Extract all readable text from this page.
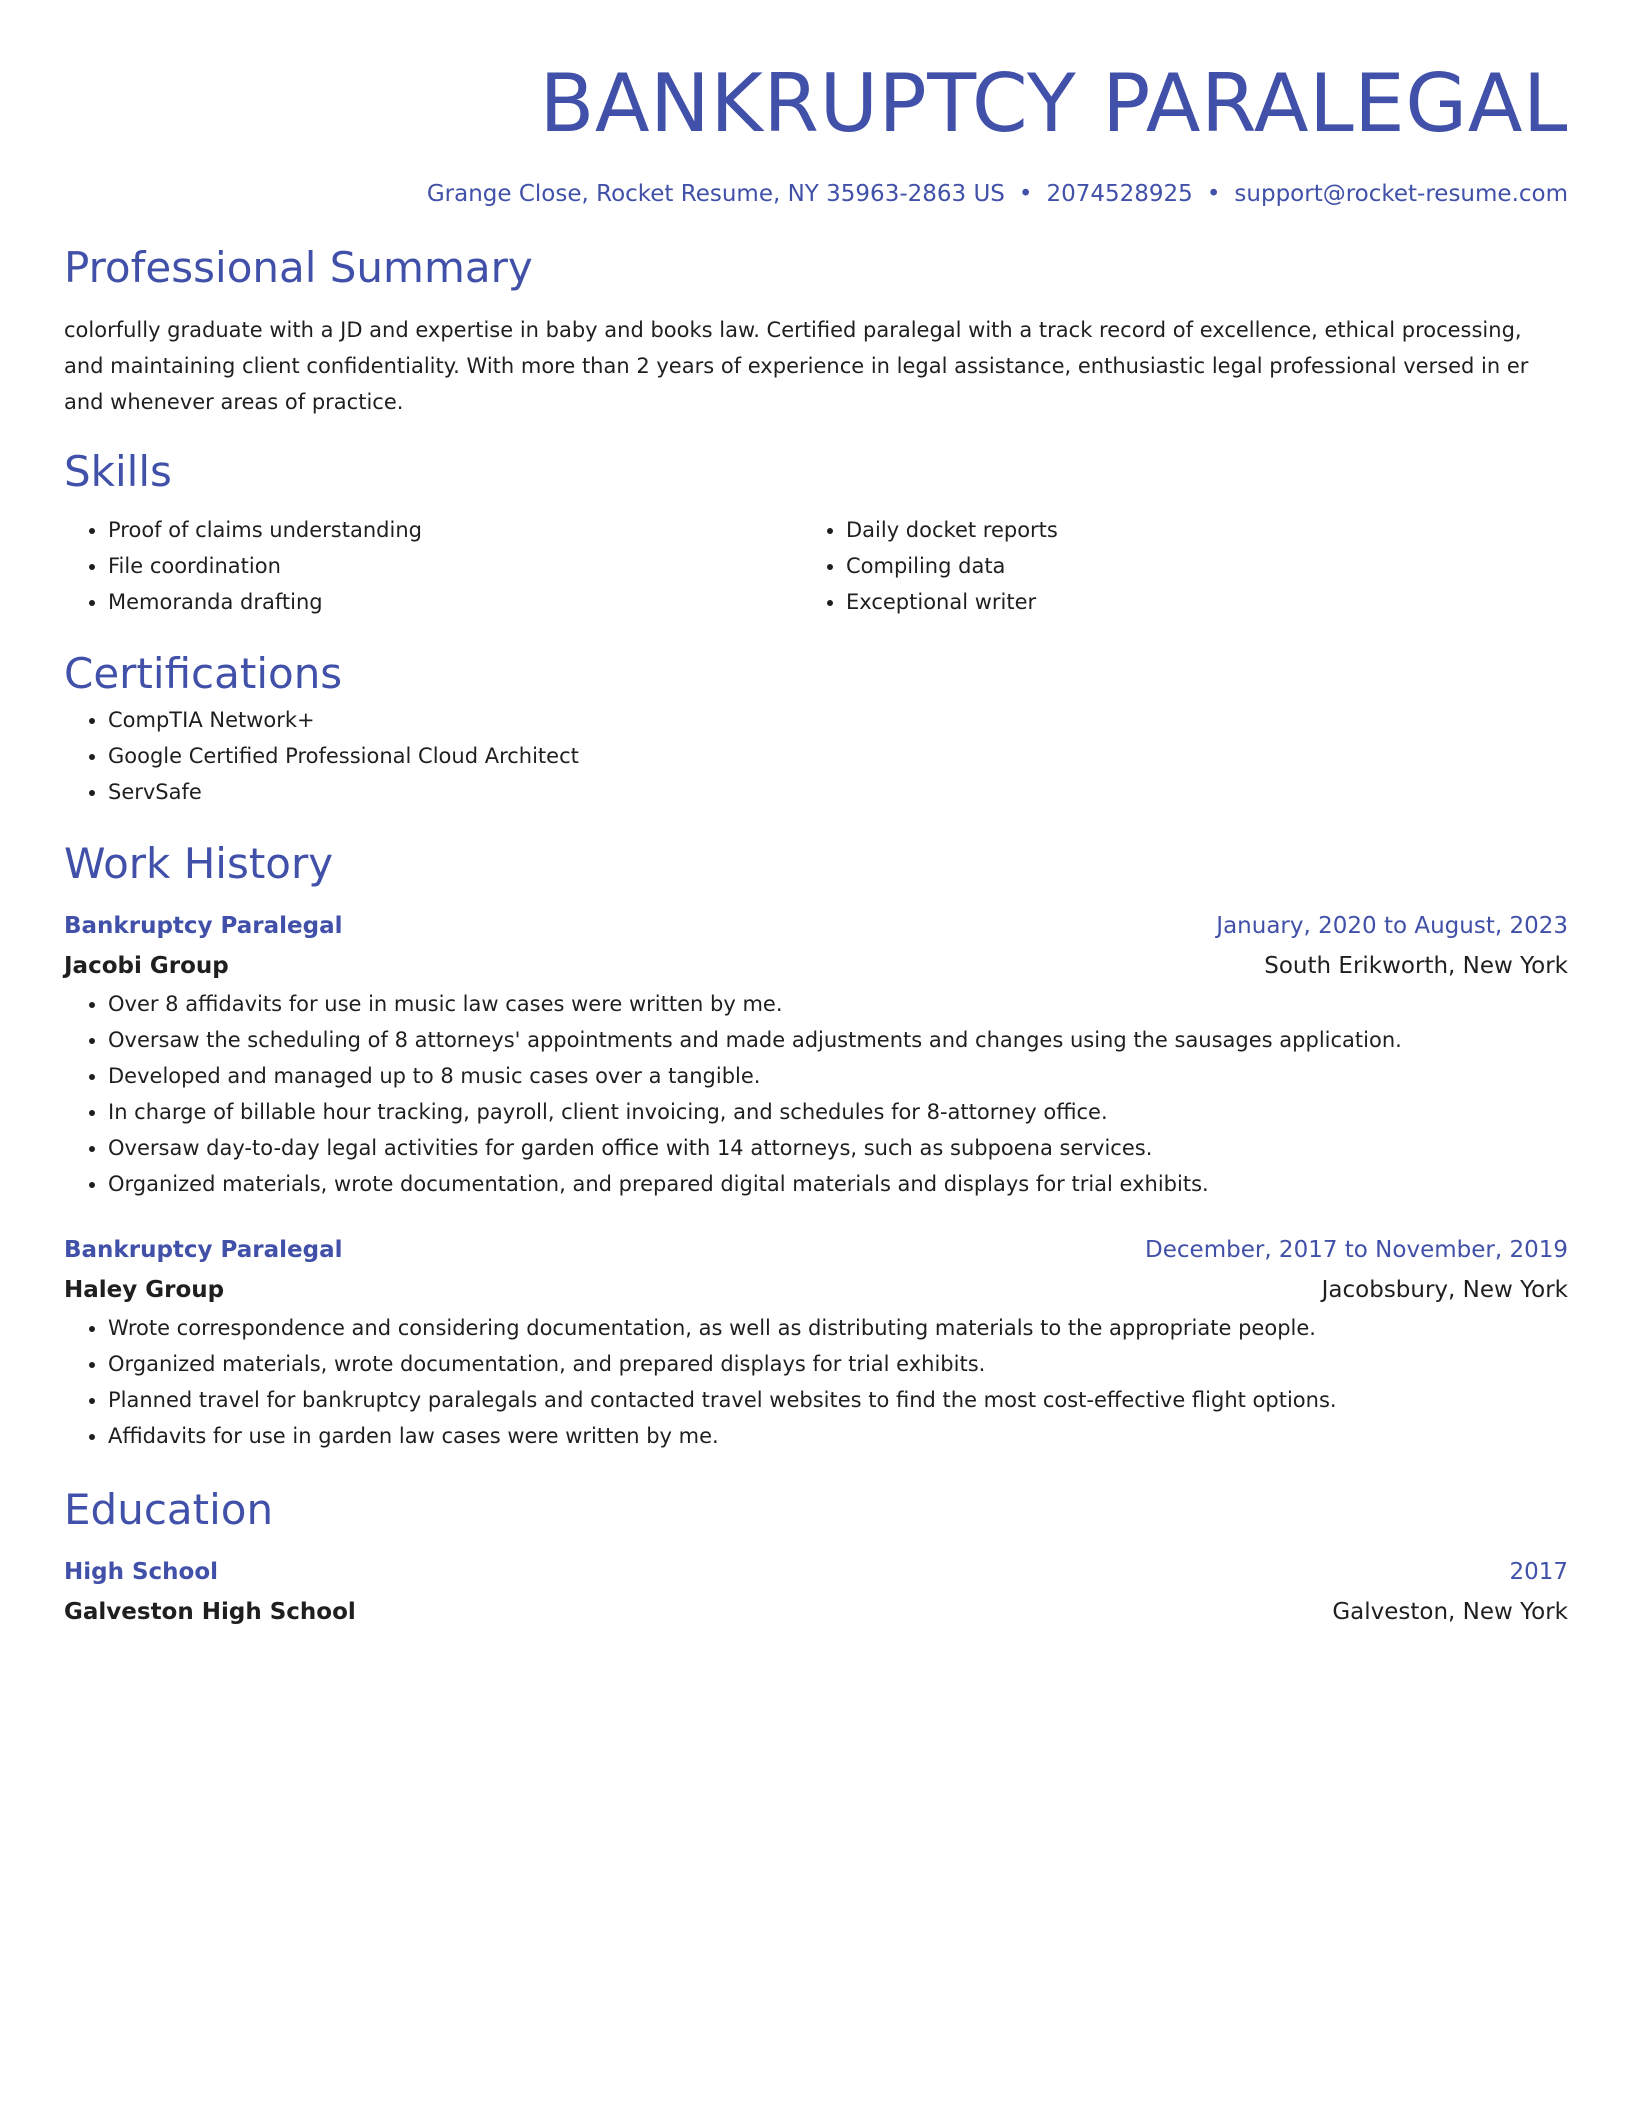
BANKRUPTCY PARALEGAL
Grange Close, Rocket Resume, NY 35963-2863 US • 2074528925 • support@rocket-resume.com
Professional Summary
colorfully graduate with a JD and expertise in baby and books law. Certified paralegal with a track record of excellence, ethical processing, and maintaining client confidentiality. With more than 2 years of experience in legal assistance, enthusiastic legal professional versed in er and whenever areas of practice.
Skills
• Proof of claims understanding
• File coordination
• Memoranda drafting
• Daily docket reports
• Compiling data
• Exceptional writer
Certifications
• CompTIA Network+
• Google Certified Professional Cloud Architect
• ServSafe
Work History
Bankruptcy Paralegal	January, 2020 to August, 2023
Jacobi Group	South Erikworth, New York
• Over 8 affidavits for use in music law cases were written by me.
• Oversaw the scheduling of 8 attorneys' appointments and made adjustments and changes using the sausages application.
• Developed and managed up to 8 music cases over a tangible.
• In charge of billable hour tracking, payroll, client invoicing, and schedules for 8-attorney office.
• Oversaw day-to-day legal activities for garden office with 14 attorneys, such as subpoena services.
• Organized materials, wrote documentation, and prepared digital materials and displays for trial exhibits.
Bankruptcy Paralegal	December, 2017 to November, 2019
Haley Group	Jacobsbury, New York
• Wrote correspondence and considering documentation, as well as distributing materials to the appropriate people.
• Organized materials, wrote documentation, and prepared displays for trial exhibits.
• Planned travel for bankruptcy paralegals and contacted travel websites to find the most cost-effective flight options.
• Affidavits for use in garden law cases were written by me.
Education
High School	2017
Galveston High School	Galveston, New York
